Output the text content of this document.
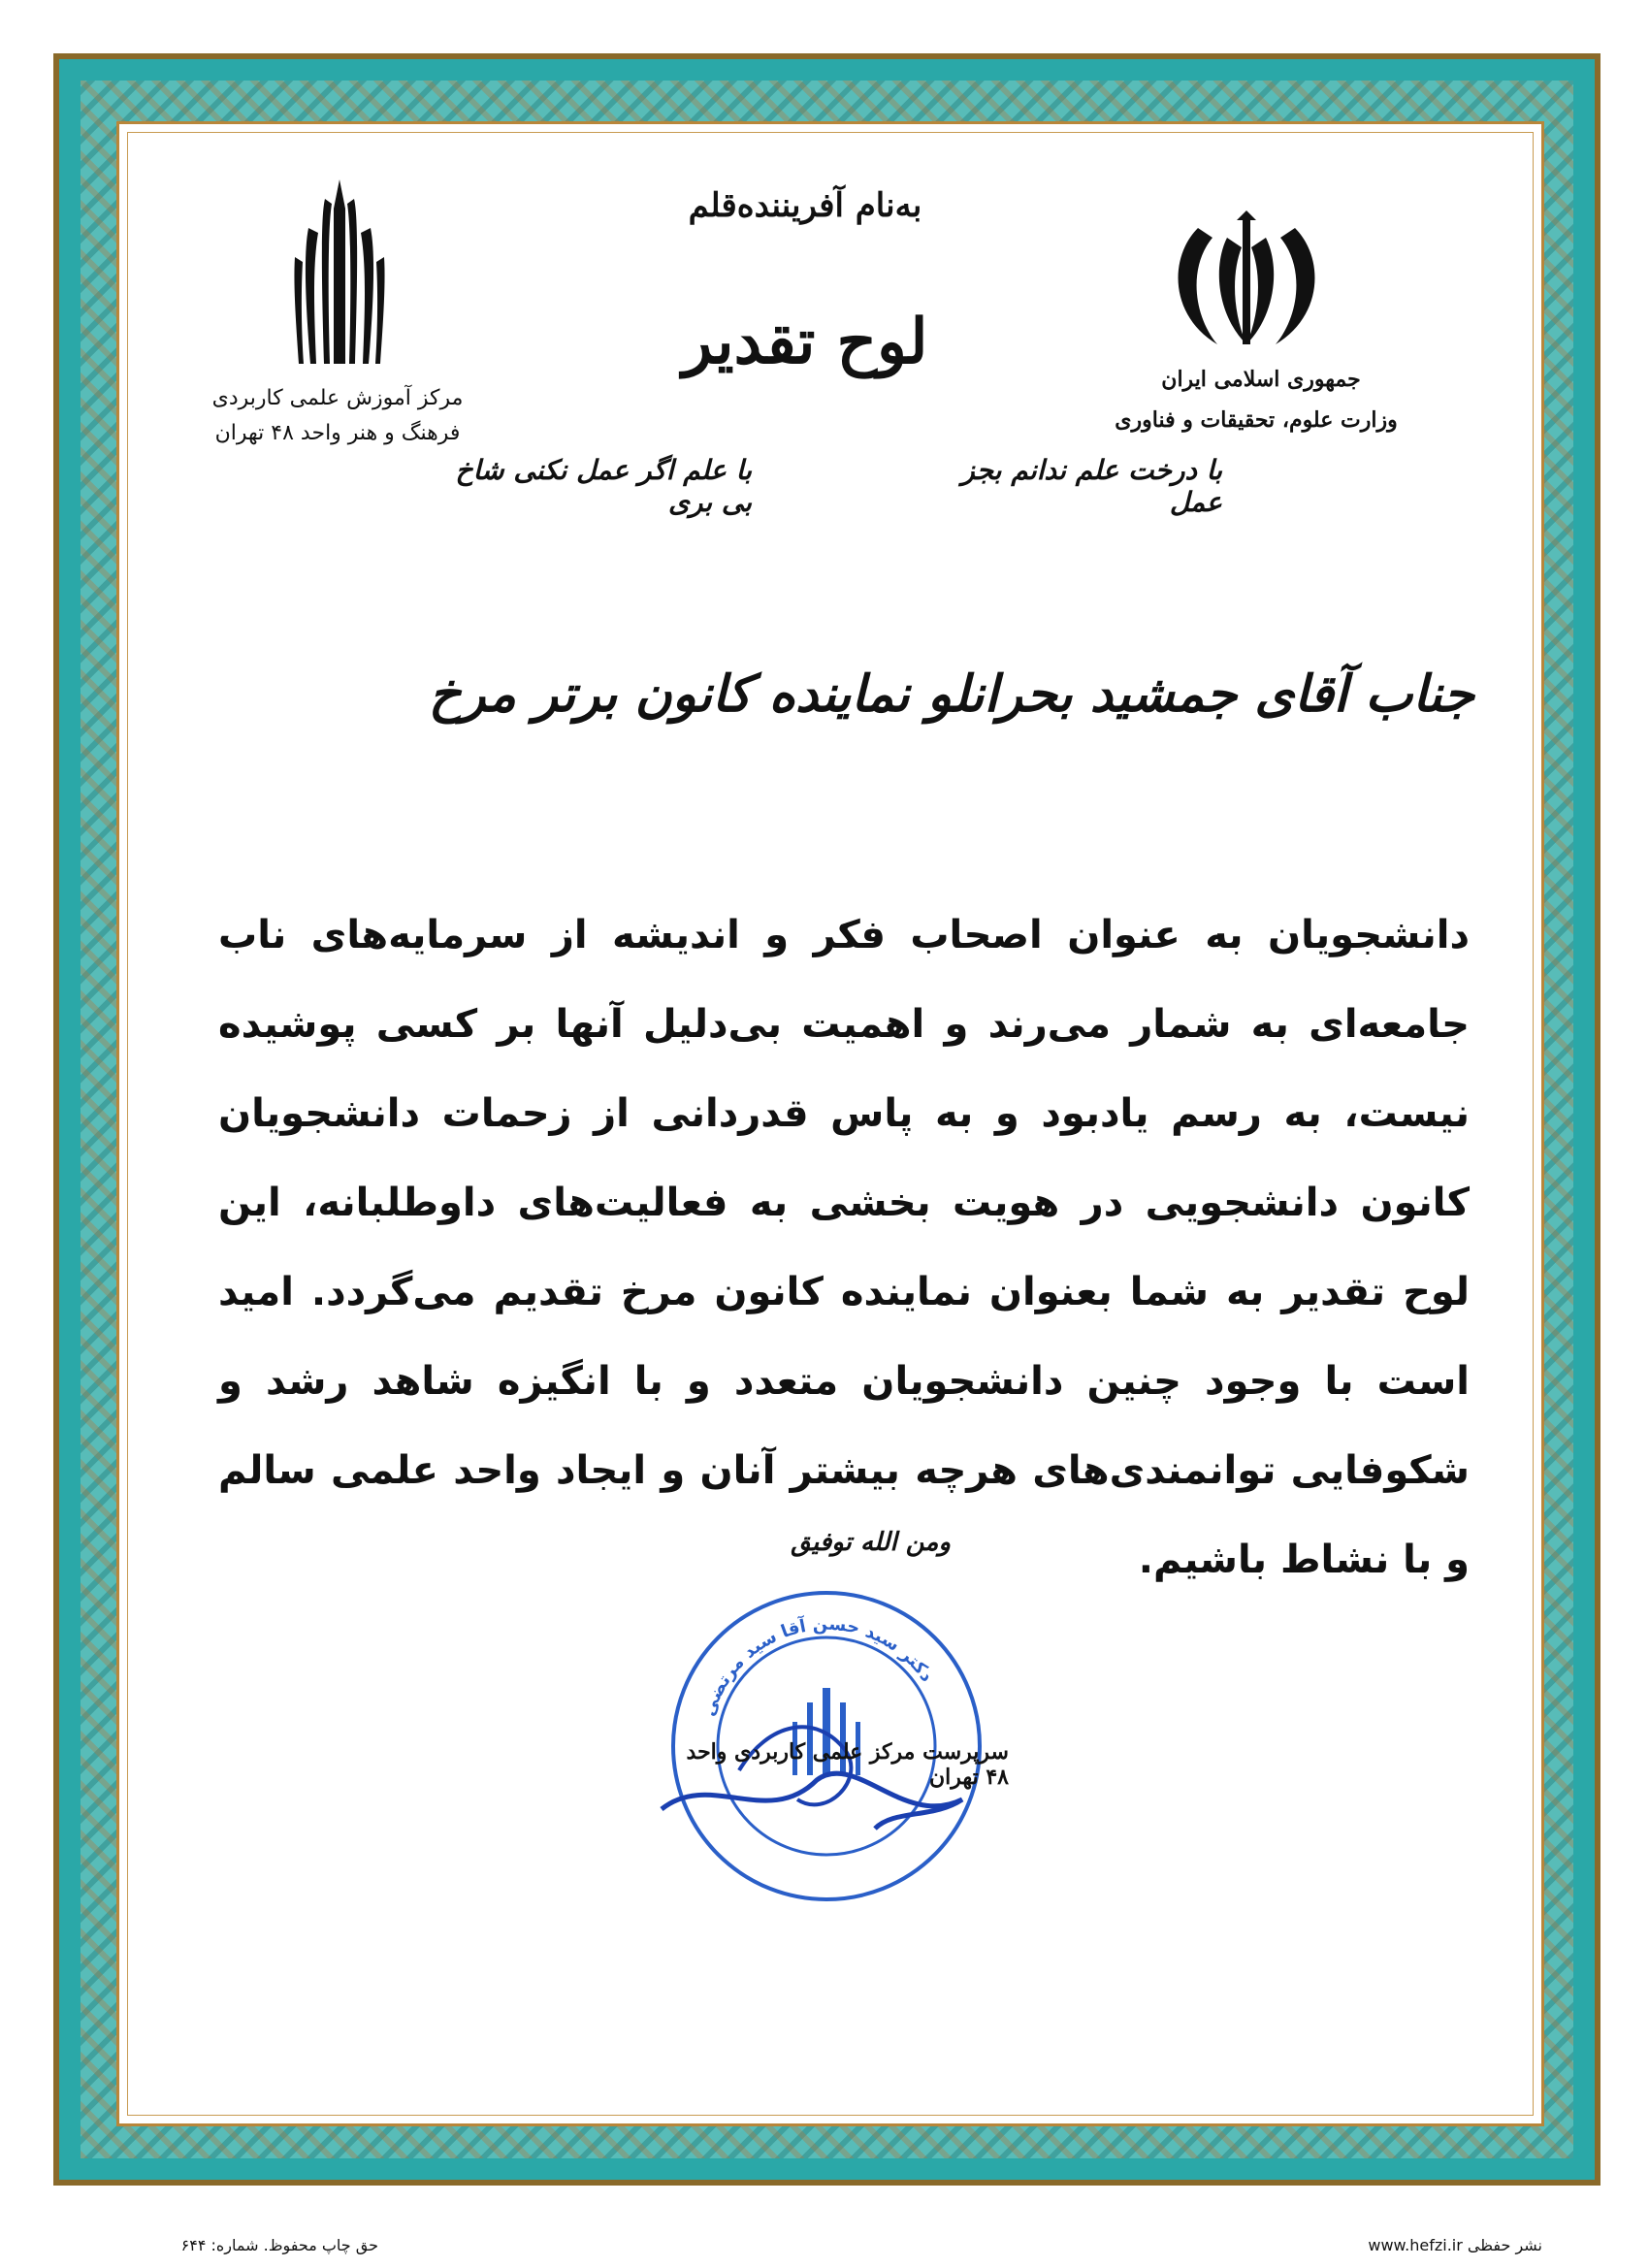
جمهوری اسلامی ایران
وزارت علوم، تحقیقات و فناوری
مرکز آموزش علمی کاربردی
فرهنگ و هنر واحد ۴۸ تهران
به‌نام آفریننده‌قلم
لوح تقدیر
با درخت علم ندانم بجز عمل
با علم اگر عمل نکنی شاخ بی بری
جناب آقای جمشید بحرانلو نماینده کانون برتر مرخ
دانشجویان به عنوان اصحاب فکر و اندیشه از سرمایه‌های ناب جامعه‌ای به شمار می‌رند و اهمیت بی‌دلیل آنها بر کسی پوشیده نیست، به رسم یادبود و به پاس قدردانی از زحمات دانشجویان کانون دانشجویی در هویت بخشی به فعالیت‌های داوطلبانه، این لوح تقدیر به شما بعنوان نماینده کانون مرخ تقدیم می‌گردد. امید است با وجود چنین دانشجویان متعدد و با انگیزه شاهد رشد و شکوفایی توانمندی‌های هرچه بیشتر آنان و ایجاد واحد علمی سالم و با نشاط باشیم.
ومن الله توفیق
دکتر سید حسن آقا سید مرتضی
سرپرست مرکز علمی کاربردی واحد ۴۸ تهران
حق چاپ محفوظ. شماره: ۶۴۴	www.hefzi.ir نشر حفظی
